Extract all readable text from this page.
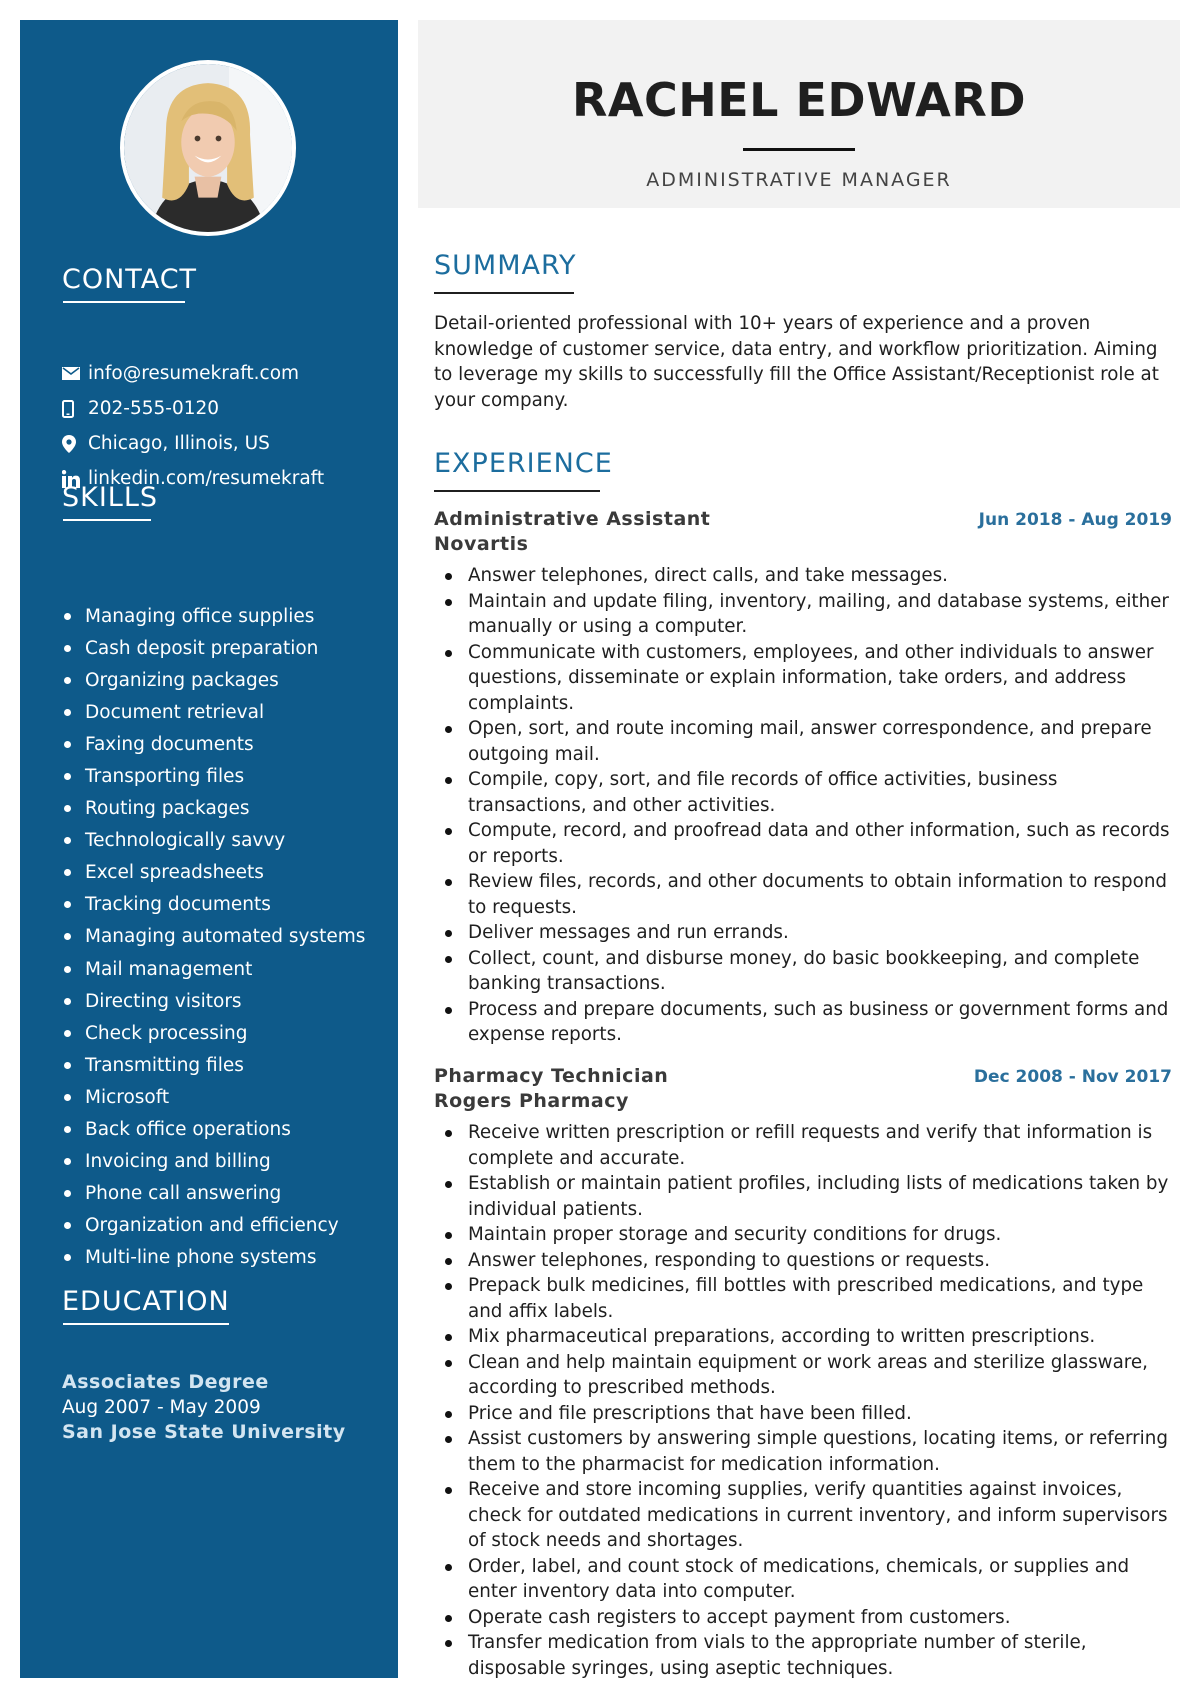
CONTACT
info@resumekraft.com
202-555-0120
Chicago, Illinois, US
linkedin.com/resumekraft
SKILLS
Managing office supplies
Cash deposit preparation
Organizing packages
Document retrieval
Faxing documents
Transporting files
Routing packages
Technologically savvy
Excel spreadsheets
Tracking documents
Managing automated systems
Mail management
Directing visitors
Check processing
Transmitting files
Microsoft
Back office operations
Invoicing and billing
Phone call answering
Organization and efficiency
Multi-line phone systems
EDUCATION
Associates Degree
Aug 2007 - May 2009
San Jose State University
RACHEL EDWARD
ADMINISTRATIVE MANAGER
SUMMARY
Detail-oriented professional with 10+ years of experience and a proven knowledge of customer service, data entry, and workflow prioritization. Aiming to leverage my skills to successfully fill the Office Assistant/Receptionist role at your company.
EXPERIENCE
Administrative Assistant	Jun 2018 - Aug 2019
Novartis
Answer telephones, direct calls, and take messages.
Maintain and update filing, inventory, mailing, and database systems, either manually or using a computer.
Communicate with customers, employees, and other individuals to answer questions, disseminate or explain information, take orders, and address complaints.
Open, sort, and route incoming mail, answer correspondence, and prepare outgoing mail.
Compile, copy, sort, and file records of office activities, business transactions, and other activities.
Compute, record, and proofread data and other information, such as records or reports.
Review files, records, and other documents to obtain information to respond to requests.
Deliver messages and run errands.
Collect, count, and disburse money, do basic bookkeeping, and complete banking transactions.
Process and prepare documents, such as business or government forms and expense reports.
Pharmacy Technician	Dec 2008 - Nov 2017
Rogers Pharmacy
Receive written prescription or refill requests and verify that information is complete and accurate.
Establish or maintain patient profiles, including lists of medications taken by individual patients.
Maintain proper storage and security conditions for drugs.
Answer telephones, responding to questions or requests.
Prepack bulk medicines, fill bottles with prescribed medications, and type and affix labels.
Mix pharmaceutical preparations, according to written prescriptions.
Clean and help maintain equipment or work areas and sterilize glassware, according to prescribed methods.
Price and file prescriptions that have been filled.
Assist customers by answering simple questions, locating items, or referring them to the pharmacist for medication information.
Receive and store incoming supplies, verify quantities against invoices, check for outdated medications in current inventory, and inform supervisors of stock needs and shortages.
Order, label, and count stock of medications, chemicals, or supplies and enter inventory data into computer.
Operate cash registers to accept payment from customers.
Transfer medication from vials to the appropriate number of sterile, disposable syringes, using aseptic techniques.
